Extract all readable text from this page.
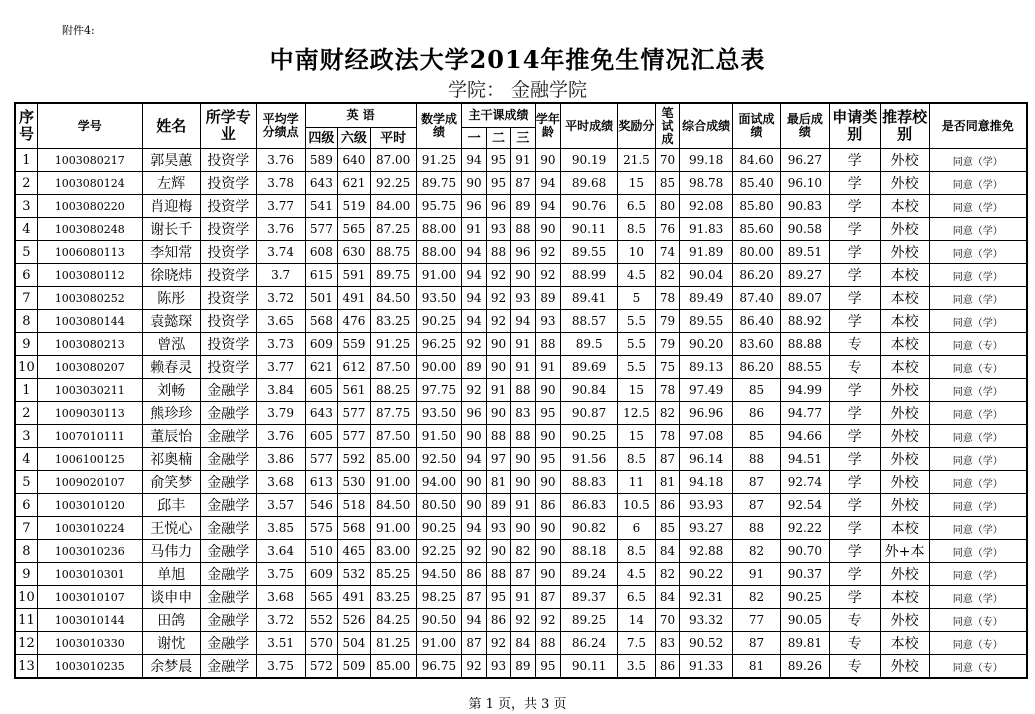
附件4:
中南财经政法大学2014年推免生情况汇总表
学院： 金融学院
序号	学号	姓名	所学专业	平均学分绩点	英 语			数学成绩	主干课成绩			学年龄	平时成绩	奖励分	笔试成	综合成绩	面试成绩	最后成绩	申请类别	推荐校别	是否同意推免
					四级	六级	平时		一	二	三										
1	1003080217	郭昊蕙	投资学	3.76	589	640	87.00	91.25	94	95	91	90	90.19	21.5	70	99.18	84.60	96.27	学	外校	同意（学）
2	1003080124	左辉	投资学	3.78	643	621	92.25	89.75	90	95	87	94	89.68	15	85	98.78	85.40	96.10	学	外校	同意（学）
3	1003080220	肖迎梅	投资学	3.77	541	519	84.00	95.75	96	96	89	94	90.76	6.5	80	92.08	85.80	90.83	学	本校	同意（学）
4	1003080248	谢长千	投资学	3.76	577	565	87.25	88.00	91	93	88	90	90.11	8.5	76	91.83	85.60	90.58	学	外校	同意（学）
5	1006080113	李知常	投资学	3.74	608	630	88.75	88.00	94	88	96	92	89.55	10	74	91.89	80.00	89.51	学	外校	同意（学）
6	1003080112	徐晓炜	投资学	3.7	615	591	89.75	91.00	94	92	90	92	88.99	4.5	82	90.04	86.20	89.27	学	本校	同意（学）
7	1003080252	陈彤	投资学	3.72	501	491	84.50	93.50	94	92	93	89	89.41	5	78	89.49	87.40	89.07	学	本校	同意（学）
8	1003080144	袁懿琛	投资学	3.65	568	476	83.25	90.25	94	92	94	93	88.57	5.5	79	89.55	86.40	88.92	学	本校	同意（学）
9	1003080213	曾泓	投资学	3.73	609	559	91.25	96.25	92	90	91	88	89.5	5.5	79	90.20	83.60	88.88	专	本校	同意（专）
10	1003080207	赖春灵	投资学	3.77	621	612	87.50	90.00	89	90	91	91	89.69	5.5	75	89.13	86.20	88.55	专	本校	同意（专）
1	1003030211	刘畅	金融学	3.84	605	561	88.25	97.75	92	91	88	90	90.84	15	78	97.49	85	94.99	学	外校	同意（学）
2	1009030113	熊珍珍	金融学	3.79	643	577	87.75	93.50	96	90	83	95	90.87	12.5	82	96.96	86	94.77	学	外校	同意（学）
3	1007010111	董辰怡	金融学	3.76	605	577	87.50	91.50	90	88	88	90	90.25	15	78	97.08	85	94.66	学	外校	同意（学）
4	1006100125	祁奥楠	金融学	3.86	577	592	85.00	92.50	94	97	90	95	91.56	8.5	87	96.14	88	94.51	学	外校	同意（学）
5	1009020107	俞笑梦	金融学	3.68	613	530	91.00	94.00	90	81	90	90	88.83	11	81	94.18	87	92.74	学	外校	同意（学）
6	1003010120	邱丰	金融学	3.57	546	518	84.50	80.50	90	89	91	86	86.83	10.5	86	93.93	87	92.54	学	外校	同意（学）
7	1003010224	王悦心	金融学	3.85	575	568	91.00	90.25	94	93	90	90	90.82	6	85	93.27	88	92.22	学	本校	同意（学）
8	1003010236	马伟力	金融学	3.64	510	465	83.00	92.25	92	90	82	90	88.18	8.5	84	92.88	82	90.70	学	外+本	同意（学）
9	1003010301	单旭	金融学	3.75	609	532	85.25	94.50	86	88	87	90	89.24	4.5	82	90.22	91	90.37	学	外校	同意（学）
10	1003010107	谈申申	金融学	3.68	565	491	83.25	98.25	87	95	91	87	89.37	6.5	84	92.31	82	90.25	学	本校	同意（学）
11	1003010144	田鸽	金融学	3.72	552	526	84.25	90.50	94	86	92	92	89.25	14	70	93.32	77	90.05	专	外校	同意（专）
12	1003010330	谢忱	金融学	3.51	570	504	81.25	91.00	87	92	84	88	86.24	7.5	83	90.52	87	89.81	专	本校	同意（专）
13	1003010235	余梦晨	金融学	3.75	572	509	85.00	96.75	92	93	89	95	90.11	3.5	86	91.33	81	89.26	专	外校	同意（专）
第 1 页，共 3 页
